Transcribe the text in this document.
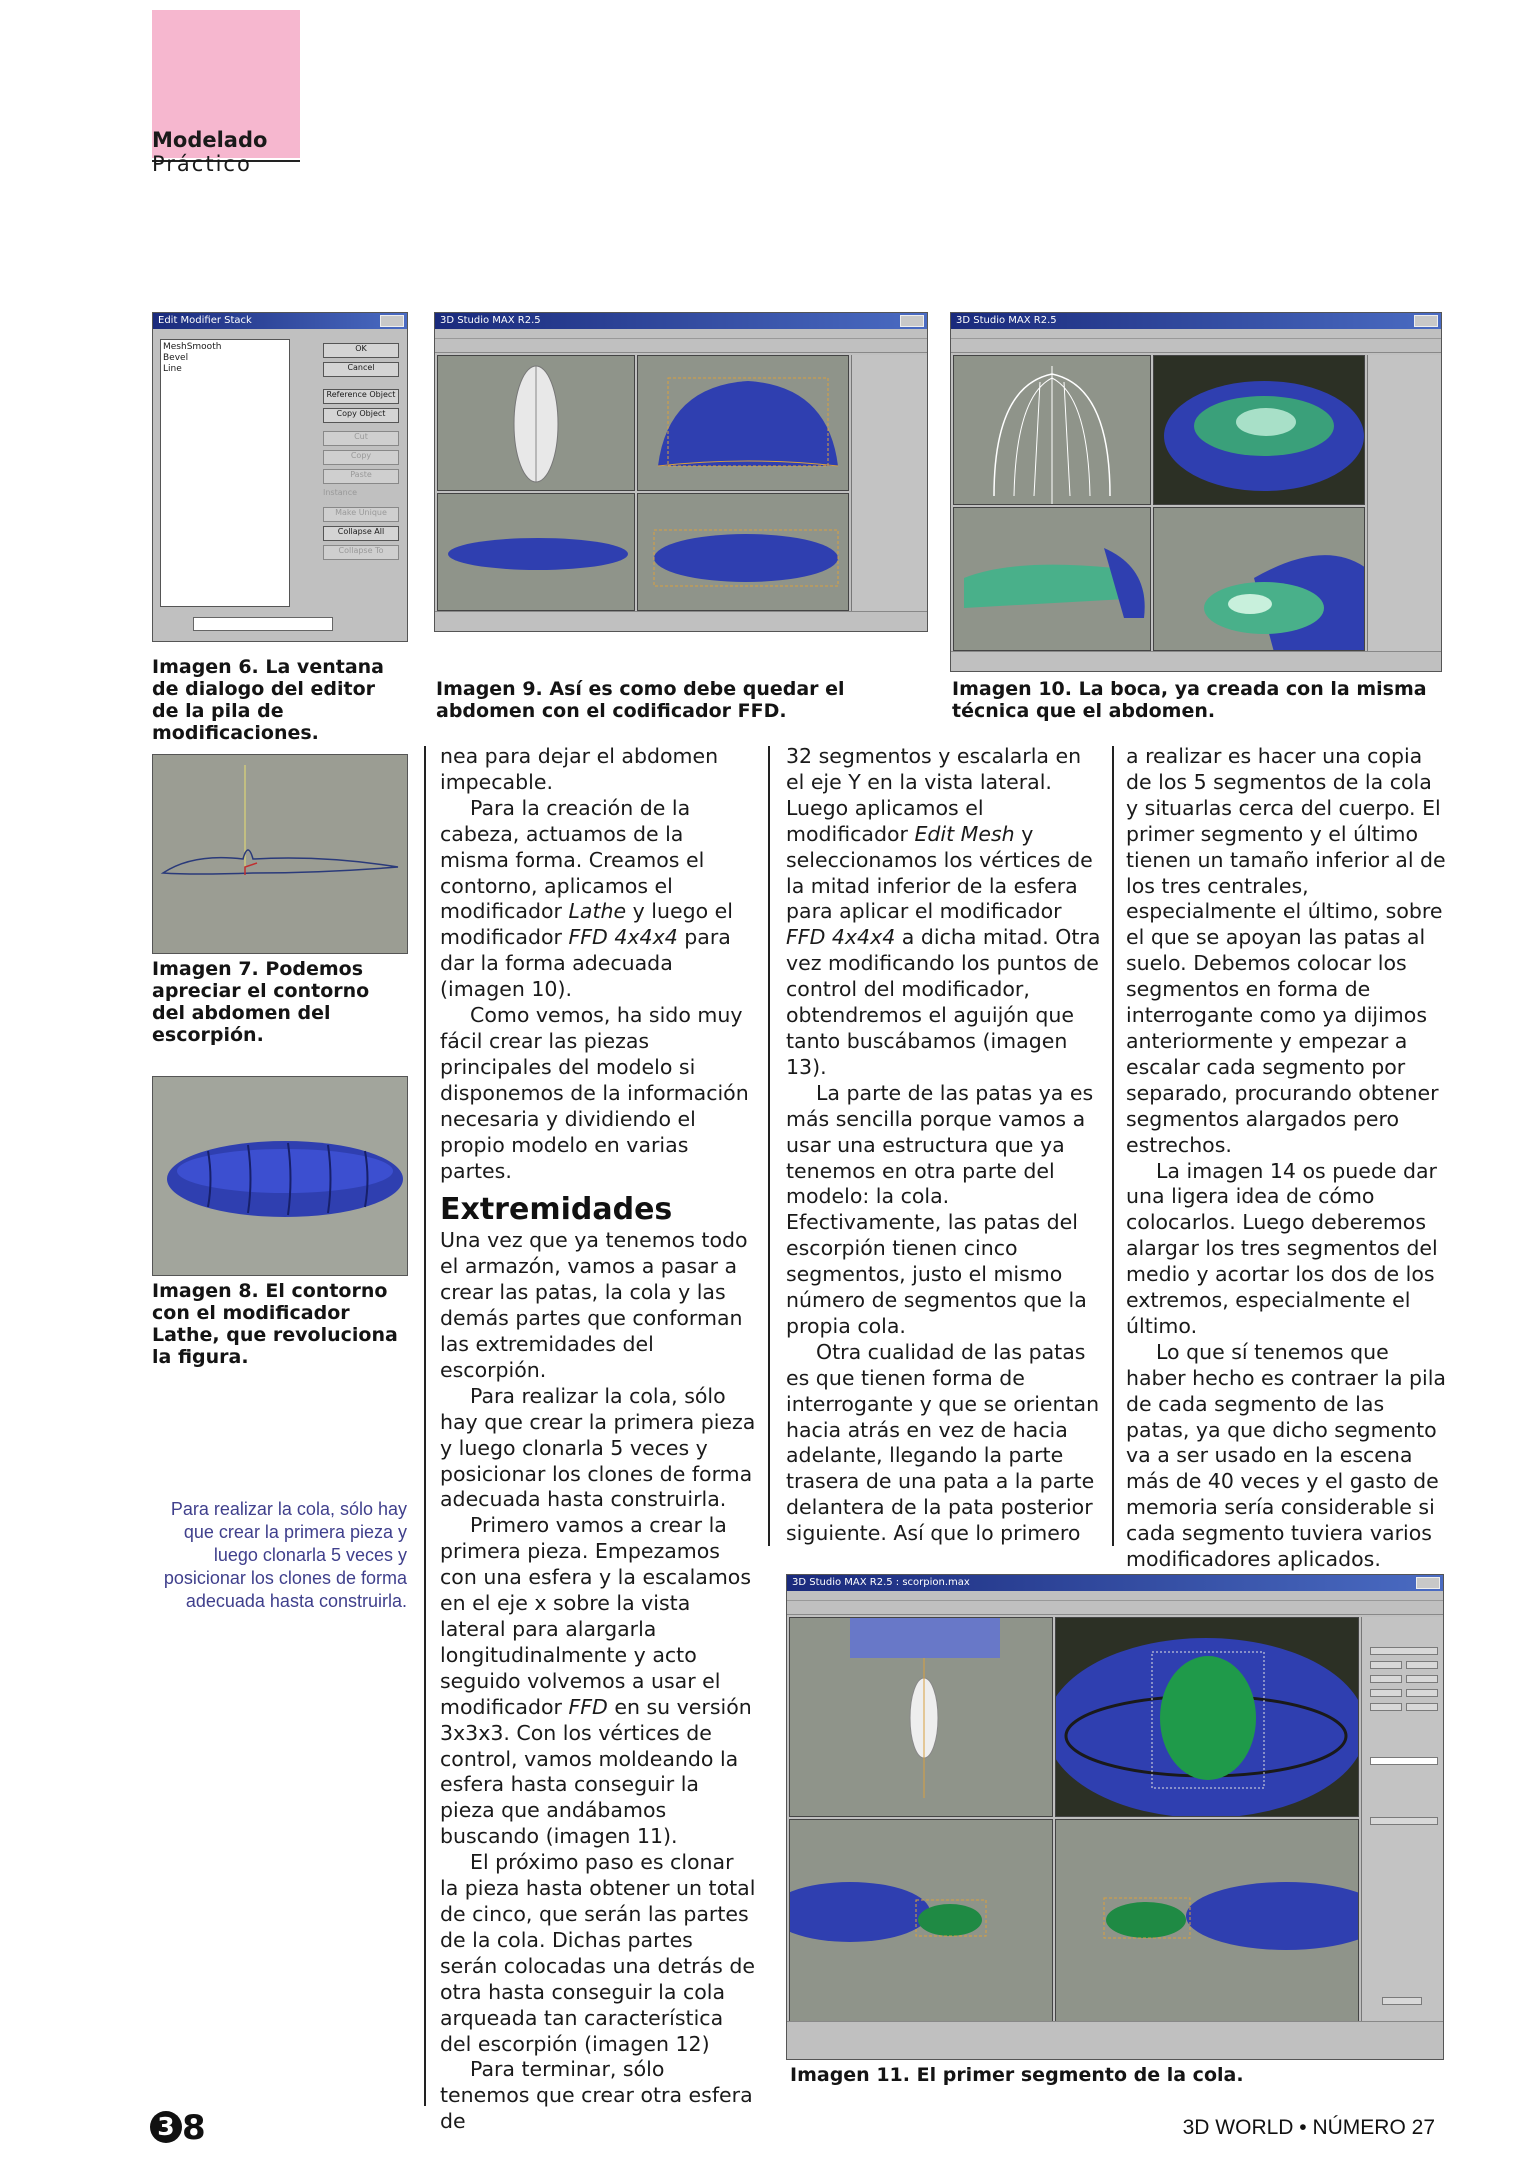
Modelado Práctico
Edit Modifier Stack
MeshSmooth
Bevel
Line
OK
Cancel
Reference Object
Copy Object
Cut
Copy
Paste
Instance
Make Unique
Collapse All
Collapse To
Imagen 6. La ventana de dialogo del editor de la pila de modificaciones.
Imagen 7. Podemos apreciar el contorno del abdomen del escorpión.
Imagen 8. El contorno con el modificador Lathe, que revoluciona la figura.
Para realizar la cola, sólo hay que crear la primera pieza y luego clonarla 5 veces y posicionar los clones de forma adecuada hasta construirla.
3D Studio MAX R2.5
Imagen 9. Así es como debe quedar el abdomen con el codificador FFD.
3D Studio MAX R2.5
Imagen 10. La boca, ya creada con la misma técnica que el abdomen.

nea para dejar el abdomen impecable.

Para la creación de la cabeza, actuamos de la misma forma. Creamos el contorno, aplicamos el modificador Lathe y luego el modificador FFD 4x4x4 para dar la forma adecuada (imagen 10).

Como vemos, ha sido muy fácil crear las piezas principales del modelo si disponemos de la información necesaria y dividiendo el propio modelo en varias partes.

Extremidades

Una vez que ya tenemos todo el armazón, vamos a pasar a crear las patas, la cola y las demás partes que conforman las extremidades del escorpión.

Para realizar la cola, sólo hay que crear la primera pieza y luego clonarla 5 veces y posicionar los clones de forma adecuada hasta construirla.

Primero vamos a crear la primera pieza. Empezamos con una esfera y la escalamos en el eje x sobre la vista lateral para alargarla longitudinalmente y acto seguido volvemos a usar el modificador FFD en su versión 3x3x3. Con los vértices de control, vamos moldeando la esfera hasta conseguir la pieza que andábamos buscando (imagen 11).

El próximo paso es clonar la pieza hasta obtener un total de cinco, que serán las partes de la cola. Dichas partes serán colocadas una detrás de otra hasta conseguir la cola arqueada tan característica del escorpión (imagen 12)

Para terminar, sólo tenemos que crear otra esfera de

32 segmentos y escalarla en el eje Y en la vista lateral. Luego aplicamos el modificador Edit Mesh y seleccionamos los vértices de la mitad inferior de la esfera para aplicar el modificador FFD 4x4x4 a dicha mitad. Otra vez modificando los puntos de control del modificador, obtendremos el aguijón que tanto buscábamos (imagen 13).

La parte de las patas ya es más sencilla porque vamos a usar una estructura que ya tenemos en otra parte del modelo: la cola. Efectivamente, las patas del escorpión tienen cinco segmentos, justo el mismo número de segmentos que la propia cola.

Otra cualidad de las patas es que tienen forma de interrogante y que se orientan hacia atrás en vez de hacia adelante, llegando la parte trasera de una pata a la parte delantera de la pata posterior siguiente. Así que lo primero

a realizar es hacer una copia de los 5 segmentos de la cola y situarlas cerca del cuerpo. El primer segmento y el último tienen un tamaño inferior al de los tres centrales, especialmente el último, sobre el que se apoyan las patas al suelo. Debemos colocar los segmentos en forma de interrogante como ya dijimos anteriormente y empezar a escalar cada segmento por separado, procurando obtener segmentos alargados pero estrechos.

La imagen 14 os puede dar una ligera idea de cómo colocarlos. Luego deberemos alargar los tres segmentos del medio y acortar los dos de los extremos, especialmente el último.

Lo que sí tenemos que haber hecho es contraer la pila de cada segmento de las patas, ya que dicho segmento va a ser usado en la escena más de 40 veces y el gasto de memoria sería considerable si cada segmento tuviera varios modificadores aplicados.

3D Studio MAX R2.5 : scorpion.max
Imagen 11. El primer segmento de la cola.
3 8	3D WORLD • NÚMERO 27
